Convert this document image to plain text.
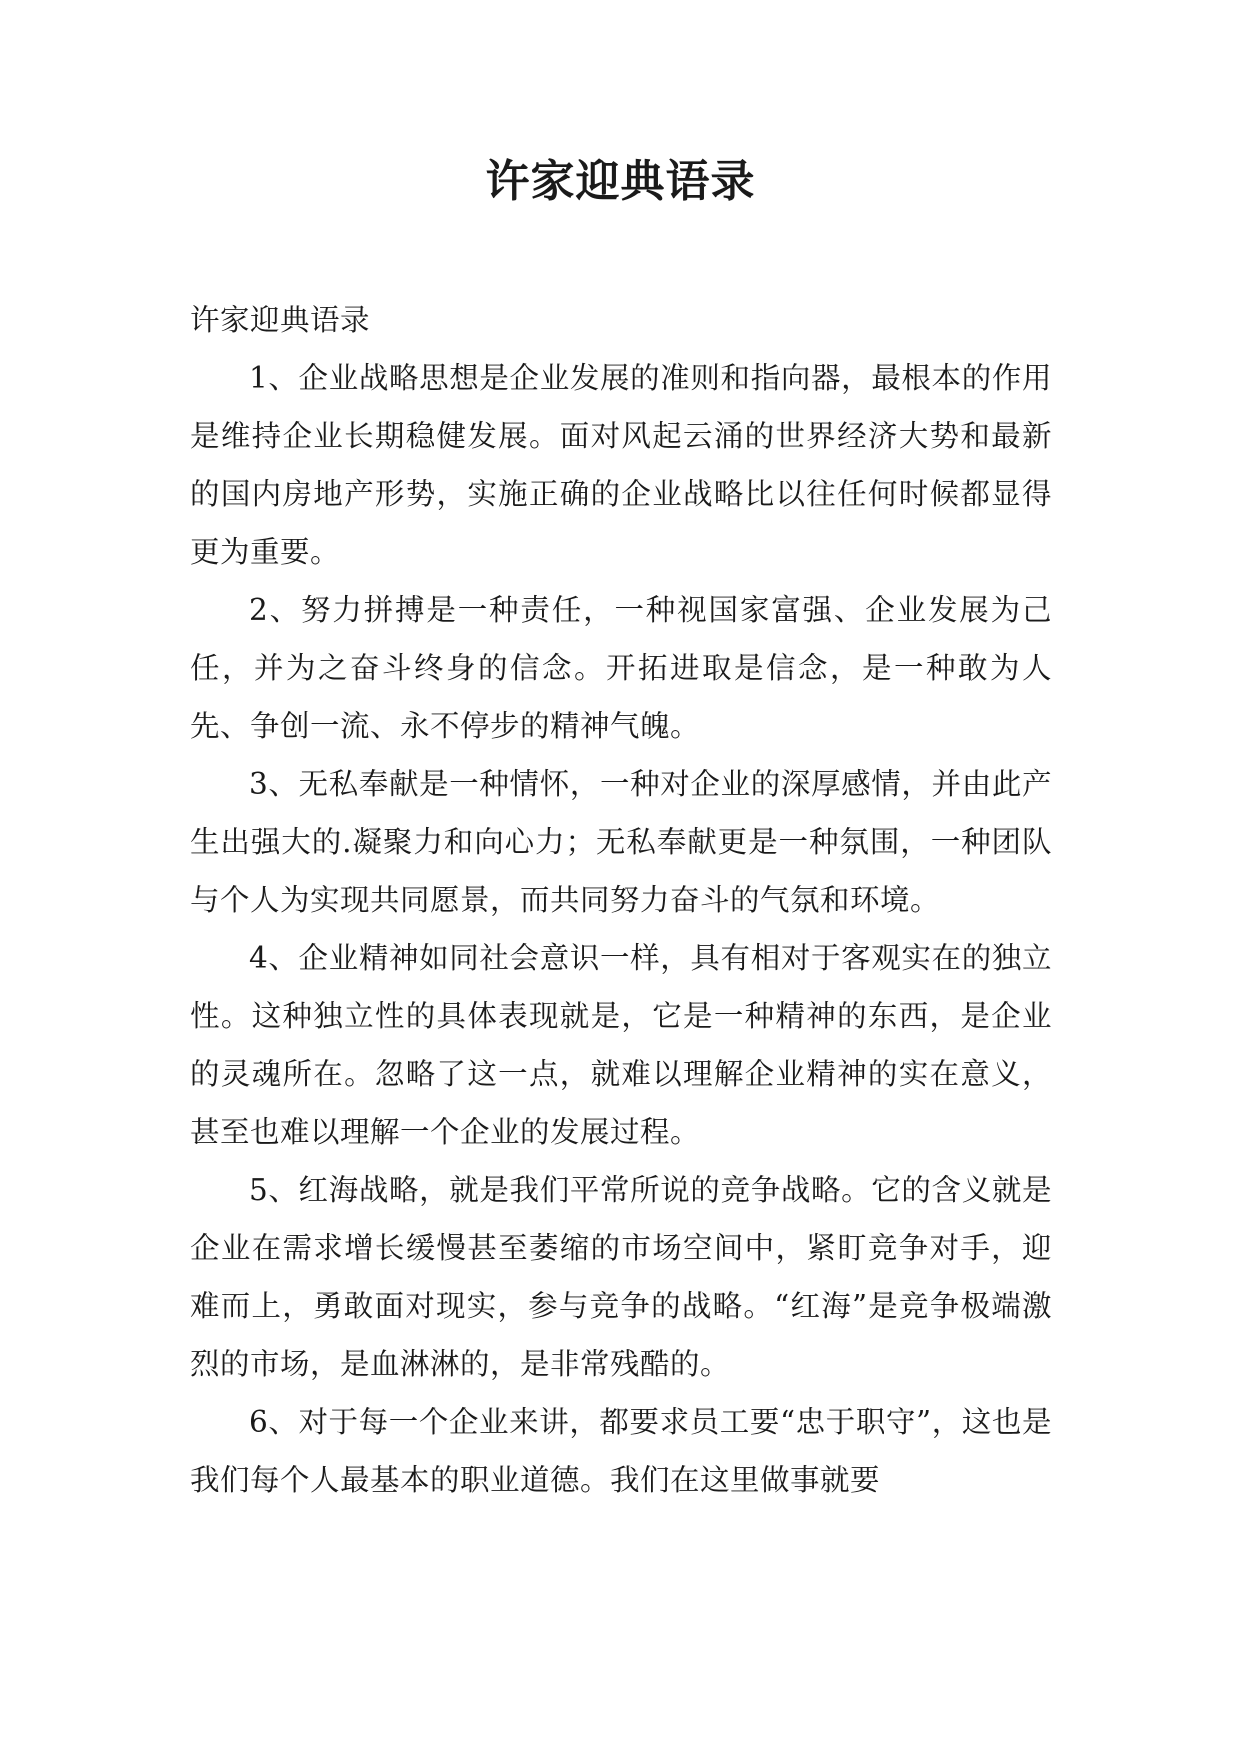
许家迎典语录

许家迎典语录

1、企业战略思想是企业发展的准则和指向器，最根本的作用是维持企业长期稳健发展。面对风起云涌的世界经济大势和最新的国内房地产形势，实施正确的企业战略比以往任何时候都显得更为重要。

2、努力拼搏是一种责任，一种视国家富强、企业发展为己任，并为之奋斗终身的信念。开拓进取是信念，是一种敢为人先、争创一流、永不停步的精神气魄。

3、无私奉献是一种情怀，一种对企业的深厚感情，并由此产生出强大的.凝聚力和向心力；无私奉献更是一种氛围，一种团队与个人为实现共同愿景，而共同努力奋斗的气氛和环境。

4、企业精神如同社会意识一样，具有相对于客观实在的独立性。这种独立性的具体表现就是，它是一种精神的东西，是企业的灵魂所在。忽略了这一点，就难以理解企业精神的实在意义，甚至也难以理解一个企业的发展过程。

5、红海战略，就是我们平常所说的竞争战略。它的含义就是企业在需求增长缓慢甚至萎缩的市场空间中，紧盯竞争对手，迎难而上，勇敢面对现实，参与竞争的战略。“红海”是竞争极端激烈的市场，是血淋淋的，是非常残酷的。

6、对于每一个企业来讲，都要求员工要“忠于职守”，这也是我们每个人最基本的职业道德。我们在这里做事就要
